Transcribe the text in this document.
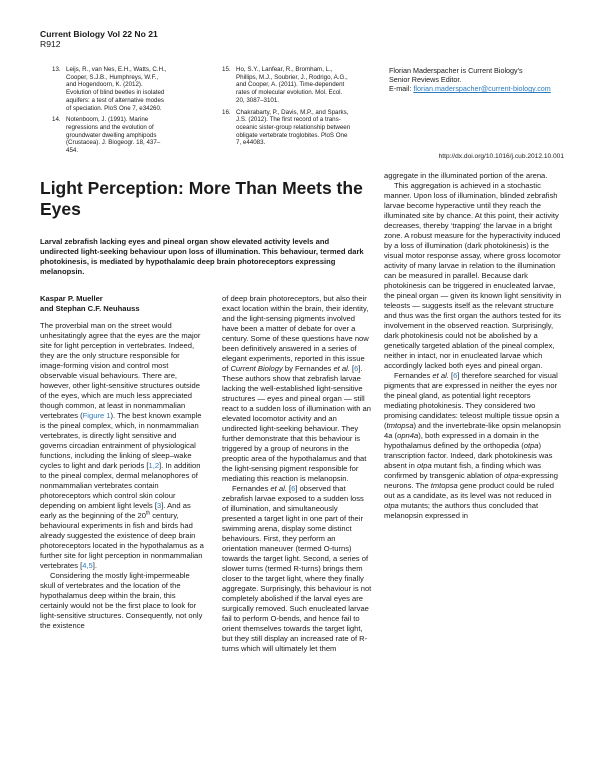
Current Biology Vol 22 No 21
R912
13. Leijs, R., van Nes, E.H., Watts, C.H., Cooper, S.J.B., Humphreys, W.F., and Hogendoorn, K. (2012). Evolution of blind beetles in isolated aquifers: a test of alternative modes of speciation. PloS One 7, e34260.
14. Notenboom, J. (1991). Marine regressions and the evolution of groundwater dwelling amphipods (Crustacea). J. Biogeogr. 18, 437–454.
15. Ho, S.Y., Lanfear, R., Bromham, L., Phillips, M.J., Soubrier, J., Rodrigo, A.G., and Cooper, A. (2011). Time-dependent rates of molecular evolution. Mol. Ecol. 20, 3087–3101.
16. Chakrabarty, P., Davis, M.P., and Sparks, J.S. (2012). The first record of a trans-oceanic sister-group relationship between obligate vertebrate troglobites. PloS One 7, e44083.
Florian Maderspacher is Current Biology's
Senior Reviews Editor.
E-mail: florian.maderspacher@current-biology.com
http://dx.doi.org/10.1016/j.cub.2012.10.001
Light Perception: More Than Meets the Eyes
Larval zebrafish lacking eyes and pineal organ show elevated activity levels and undirected light-seeking behaviour upon loss of illumination. This behaviour, termed dark photokinesis, is mediated by hypothalamic deep brain photoreceptors expressing melanopsin.
Kaspar P. Mueller
and Stephan C.F. Neuhauss

The proverbial man on the street would unhesitatingly agree that the eyes are the major site for light perception in vertebrates. Indeed, they are the only structure responsible for image-forming vision and control most observable visual behaviours. There are, however, other light-sensitive structures outside of the eyes, which are much less appreciated though common, at least in nonmammalian vertebrates (Figure 1). The best known example is the pineal complex, which, in nonmammalian vertebrates, is directly light sensitive and governs circadian entrainment of physiological functions, including the linking of sleep–wake cycles to light and dark periods [1,2]. In addition to the pineal complex, dermal melanophores of nonmammalian vertebrates contain photoreceptors which control skin colour depending on ambient light levels [3]. And as early as the beginning of the 20th century, behavioural experiments in fish and birds had already suggested the existence of deep brain photoreceptors located in the hypothalamus as a further site for light perception in nonmammalian vertebrates [4,5].

Considering the mostly light-impermeable skull of vertebrates and the location of the hypothalamus deep within the brain, this certainly would not be the first place to look for light-sensitive structures. Consequently, not only the existence

of deep brain photoreceptors, but also their exact location within the brain, their identity, and the light-sensing pigments involved have been a matter of debate for over a century. Some of these questions have now been definitively answered in a series of elegant experiments, reported in this issue of Current Biology by Fernandes et al. [6]. These authors show that zebrafish larvae lacking the well-established light-sensitive structures — eyes and pineal organ — still react to a sudden loss of illumination with an elevated locomotor activity and an undirected light-seeking behaviour. They further demonstrate that this behaviour is triggered by a group of neurons in the preoptic area of the hypothalamus and that the light-sensing pigment responsible for mediating this reaction is melanopsin.

Fernandes et al. [6] observed that zebrafish larvae exposed to a sudden loss of illumination, and simultaneously presented a target light in one part of their swimming arena, display some distinct behaviours. First, they perform an orientation maneuver (termed O-turns) towards the target light. Second, a series of slower turns (termed R-turns) brings them closer to the target light, where they finally aggregate. Surprisingly, this behaviour is not completely abolished if the larval eyes are surgically removed. Such enucleated larvae fail to perform O-bends, and hence fail to orient themselves towards the target light, but they still display an increased rate of R-turns which will ultimately let them

aggregate in the illuminated portion of the arena.

This aggregation is achieved in a stochastic manner. Upon loss of illumination, blinded zebrafish larvae become hyperactive until they reach the illuminated site by chance. At this point, their activity decreases, thereby ‘trapping’ the larvae in a bright zone. A robust measure for the hyperactivity induced by a loss of illumination (dark photokinesis) is the visual motor response assay, where gross locomotor activity of many larvae in relation to the illumination can be measured in parallel. Because dark photokinesis can be triggered in enucleated larvae, the pineal organ — given its known light sensitivity in teleosts — suggests itself as the relevant structure and thus was the first organ the authors tested for its involvement in the observed reaction. Surprisingly, dark photokinesis could not be abolished by a genetically targeted ablation of the pineal complex, neither in intact, nor in enucleated larvae which accordingly lacked both eyes and pineal organ.

Fernandes et al. [6] therefore searched for visual pigments that are expressed in neither the eyes nor the pineal gland, as potential light receptors mediating photokinesis. They considered two promising candidates: teleost multiple tissue opsin a (tmtopsa) and the invertebrate-like opsin melanopsin 4a (opn4a), both expressed in a domain in the hypothalamus defined by the orthopedia (otpa) transcription factor. Indeed, dark photokinesis was absent in otpa mutant fish, a finding which was confirmed by transgenic ablation of otpa-expressing neurons. The tmtopsa gene product could be ruled out as a candidate, as its level was not reduced in otpa mutants; the authors thus concluded that melanopsin expressed in
